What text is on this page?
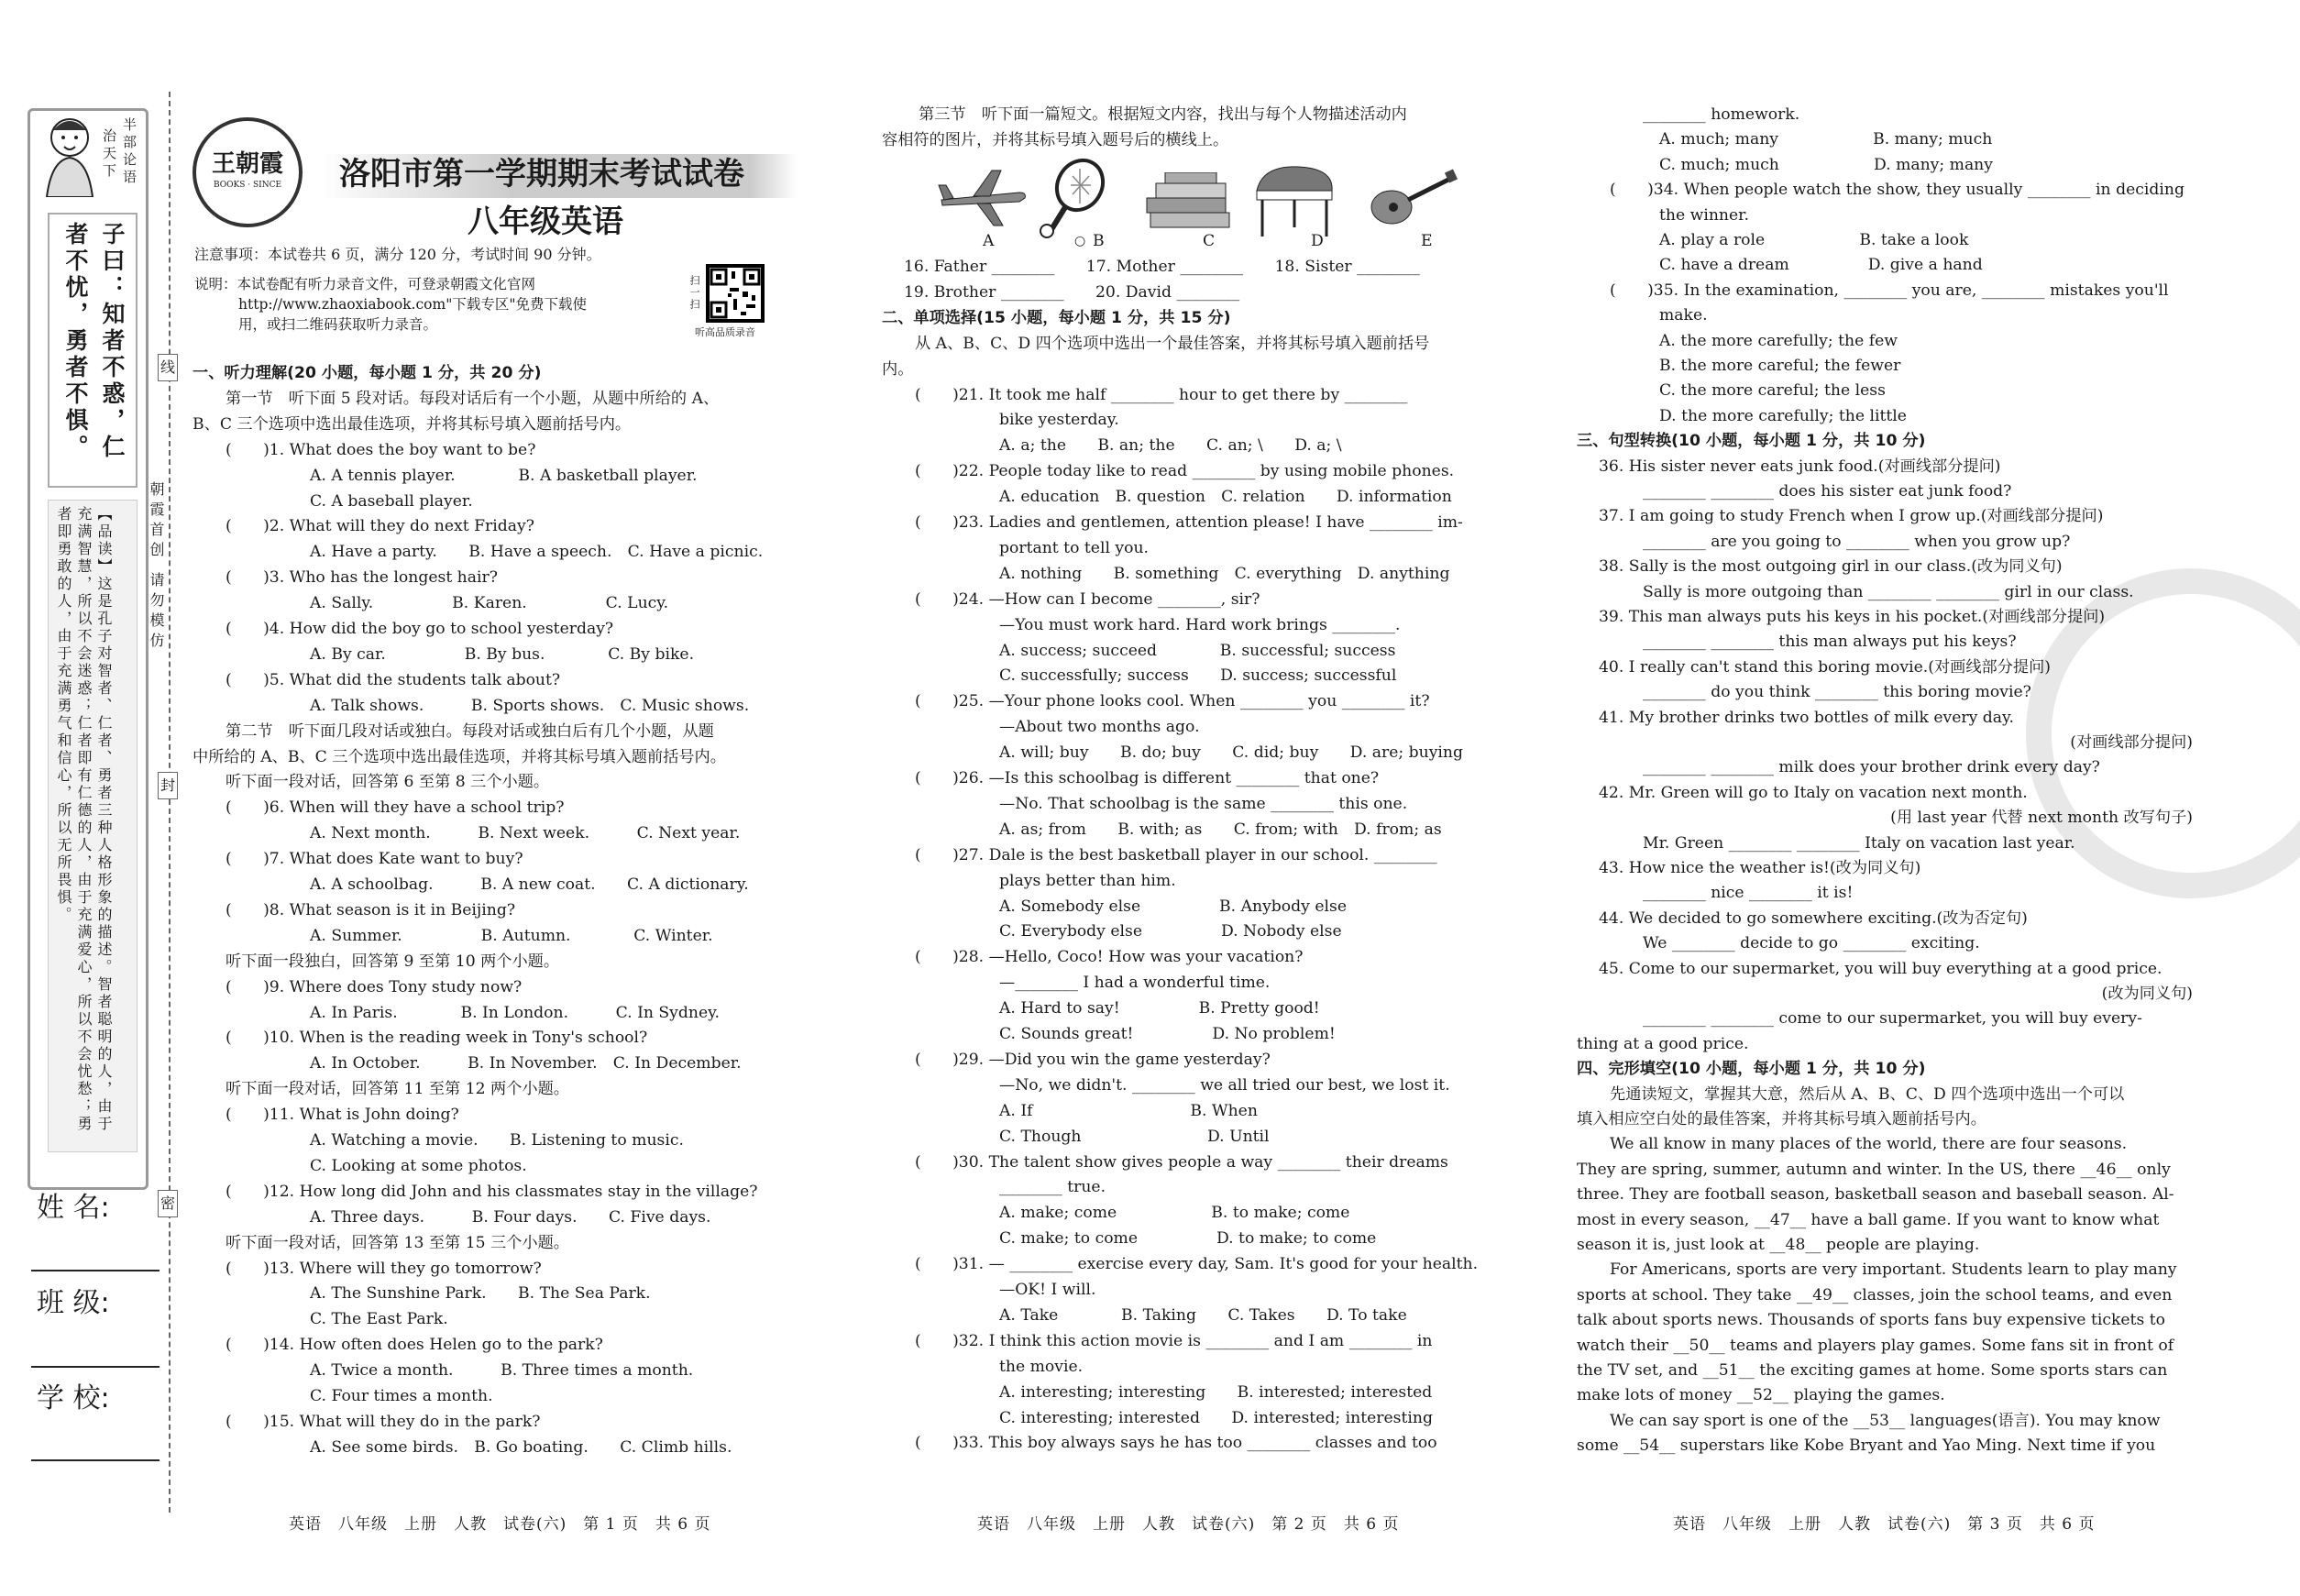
半部论语
治天下
子曰：知者不惑，仁者不忧，勇者不惧。
【品读】这是孔子对智者、仁者、勇者三种人格形象的描述。智者聪明的人，由于充满智慧，所以不会迷惑；仁者即有仁德的人，由于充满爱心，所以不会忧愁；勇者即勇敢的人，由于充满勇气和信心，所以无所畏惧。
姓 名:
班 级:
学 校:
线
封
密
朝霞首创 请勿模仿
王朝霞
BOOKS · SINCE	洛阳市第一学期期末考试试卷
八年级英语
注意事项：本试卷共 6 页，满分 120 分，考试时间 90 分钟。
说明：本试卷配有听力录音文件，可登录朝霞文化官网
http://www.zhaoxiabook.com"下载专区"免费下载使
用，或扫二维码获取听力录音。
扫一扫
听高品质录音
一、听力理解(20 小题，每小题 1 分，共 20 分)
第一节　听下面 5 段对话。每段对话后有一个小题，从题中所给的 A、
B、C 三个选项中选出最佳选项，并将其标号填入题前括号内。
(　　)1. What does the boy want to be?
A. A tennis player.　　　　B. A basketball player.
C. A baseball player.
(　　)2. What will they do next Friday?
A. Have a party.　　B. Have a speech.　C. Have a picnic.
(　　)3. Who has the longest hair?
A. Sally.　　　　　B. Karen.　　　　　C. Lucy.
(　　)4. How did the boy go to school yesterday?
A. By car.　　　　　B. By bus.　　　　C. By bike.
(　　)5. What did the students talk about?
A. Talk shows.　　　B. Sports shows.　C. Music shows.
第二节　听下面几段对话或独白。每段对话或独白后有几个小题，从题
中所给的 A、B、C 三个选项中选出最佳选项，并将其标号填入题前括号内。
听下面一段对话，回答第 6 至第 8 三个小题。
(　　)6. When will they have a school trip?
A. Next month.　　　B. Next week.　　　C. Next year.
(　　)7. What does Kate want to buy?
A. A schoolbag.　　　B. A new coat.　　C. A dictionary.
(　　)8. What season is it in Beijing?
A. Summer.　　　　　B. Autumn.　　　　C. Winter.
听下面一段独白，回答第 9 至第 10 两个小题。
(　　)9. Where does Tony study now?
A. In Paris.　　　　B. In London.　　　C. In Sydney.
(　　)10. When is the reading week in Tony's school?
A. In October.　　　B. In November.　C. In December.
听下面一段对话，回答第 11 至第 12 两个小题。
(　　)11. What is John doing?
A. Watching a movie.　　B. Listening to music.
C. Looking at some photos.
(　　)12. How long did John and his classmates stay in the village?
A. Three days.　　　B. Four days.　　C. Five days.
听下面一段对话，回答第 13 至第 15 三个小题。
(　　)13. Where will they go tomorrow?
A. The Sunshine Park.　　B. The Sea Park.
C. The East Park.
(　　)14. How often does Helen go to the park?
A. Twice a month.　　　B. Three times a month.
C. Four times a month.
(　　)15. What will they do in the park?
A. See some birds.　B. Go boating.　　C. Climb hills.
英语　八年级　上册　人教　试卷(六)　第 1 页　共 6 页
第三节　听下面一篇短文。根据短文内容，找出与每个人物描述活动内
容相符的图片，并将其标号填入题号后的横线上。
A	B	C	D	E
○
16. Father ________　　17. Mother ________　　18. Sister ________
19. Brother ________　　20. David ________
二、单项选择(15 小题，每小题 1 分，共 15 分)
从 A、B、C、D 四个选项中选出一个最佳答案，并将其标号填入题前括号
内。
(　　)21. It took me half ________ hour to get there by ________
bike yesterday.
A. a; the　　B. an; the　　C. an; \　　D. a; \
(　　)22. People today like to read ________ by using mobile phones.
A. education　B. question　C. relation　　D. information
(　　)23. Ladies and gentlemen, attention please! I have ________ im-
portant to tell you.
A. nothing　　B. something　C. everything　D. anything
(　　)24. —How can I become ________, sir?
—You must work hard. Hard work brings ________.
A. success; succeed　　　　B. successful; success
C. successfully; success　　D. success; successful
(　　)25. —Your phone looks cool. When ________ you ________ it?
—About two months ago.
A. will; buy　　B. do; buy　　C. did; buy　　D. are; buying
(　　)26. —Is this schoolbag is different ________ that one?
—No. That schoolbag is the same ________ this one.
A. as; from　　B. with; as　　C. from; with　D. from; as
(　　)27. Dale is the best basketball player in our school. ________
plays better than him.
A. Somebody else　　　　　B. Anybody else
C. Everybody else　　　　　D. Nobody else
(　　)28. —Hello, Coco! How was your vacation?
—________ I had a wonderful time.
A. Hard to say!　　　　　B. Pretty good!
C. Sounds great!　　　　　D. No problem!
(　　)29. —Did you win the game yesterday?
—No, we didn't. ________ we all tried our best, we lost it.
A. If　　　　　　　　　　B. When
C. Though　　　　　　　　D. Until
(　　)30. The talent show gives people a way ________ their dreams
________ true.
A. make; come　　　　　　B. to make; come
C. make; to come　　　　　D. to make; to come
(　　)31. — ________ exercise every day, Sam. It's good for your health.
—OK! I will.
A. Take　　　　B. Taking　　C. Takes　　D. To take
(　　)32. I think this action movie is ________ and I am ________ in
the movie.
A. interesting; interesting　　B. interested; interested
C. interesting; interested　　D. interested; interesting
(　　)33. This boy always says he has too ________ classes and too
英语　八年级　上册　人教　试卷(六)　第 2 页　共 6 页
________ homework.
A. much; many　　　　　　B. many; much
C. much; much　　　　　　D. many; many
(　　)34. When people watch the show, they usually ________ in deciding
the winner.
A. play a role　　　　　　B. take a look
C. have a dream　　　　　D. give a hand
(　　)35. In the examination, ________ you are, ________ mistakes you'll
make.
A. the more carefully; the few
B. the more careful; the fewer
C. the more careful; the less
D. the more carefully; the little
三、句型转换(10 小题，每小题 1 分，共 10 分)
36. His sister never eats junk food.(对画线部分提问)
________ ________ does his sister eat junk food?
37. I am going to study French when I grow up.(对画线部分提问)
________ are you going to ________ when you grow up?
38. Sally is the most outgoing girl in our class.(改为同义句)
Sally is more outgoing than ________ ________ girl in our class.
39. This man always puts his keys in his pocket.(对画线部分提问)
________ ________ this man always put his keys?
40. I really can't stand this boring movie.(对画线部分提问)
________ do you think ________ this boring movie?
41. My brother drinks two bottles of milk every day.
(对画线部分提问)
________ ________ milk does your brother drink every day?
42. Mr. Green will go to Italy on vacation next month.
(用 last year 代替 next month 改写句子)
Mr. Green ________ ________ Italy on vacation last year.
43. How nice the weather is!(改为同义句)
________ nice ________ it is!
44. We decided to go somewhere exciting.(改为否定句)
We ________ decide to go ________ exciting.
45. Come to our supermarket, you will buy everything at a good price.
(改为同义句)
________ ________ come to our supermarket, you will buy every-
thing at a good price.
四、完形填空(10 小题，每小题 1 分，共 10 分)
先通读短文，掌握其大意，然后从 A、B、C、D 四个选项中选出一个可以
填入相应空白处的最佳答案，并将其标号填入题前括号内。
We all know in many places of the world, there are four seasons.
They are spring, summer, autumn and winter. In the US, there __46__ only
three. They are football season, basketball season and baseball season. Al-
most in every season, __47__ have a ball game. If you want to know what
season it is, just look at __48__ people are playing.
For Americans, sports are very important. Students learn to play many
sports at school. They take __49__ classes, join the school teams, and even
talk about sports news. Thousands of sports fans buy expensive tickets to
watch their __50__ teams and players play games. Some fans sit in front of
the TV set, and __51__ the exciting games at home. Some sports stars can
make lots of money __52__ playing the games.
We can say sport is one of the __53__ languages(语言). You may know
some __54__ superstars like Kobe Bryant and Yao Ming. Next time if you
英语　八年级　上册　人教　试卷(六)　第 3 页　共 6 页
